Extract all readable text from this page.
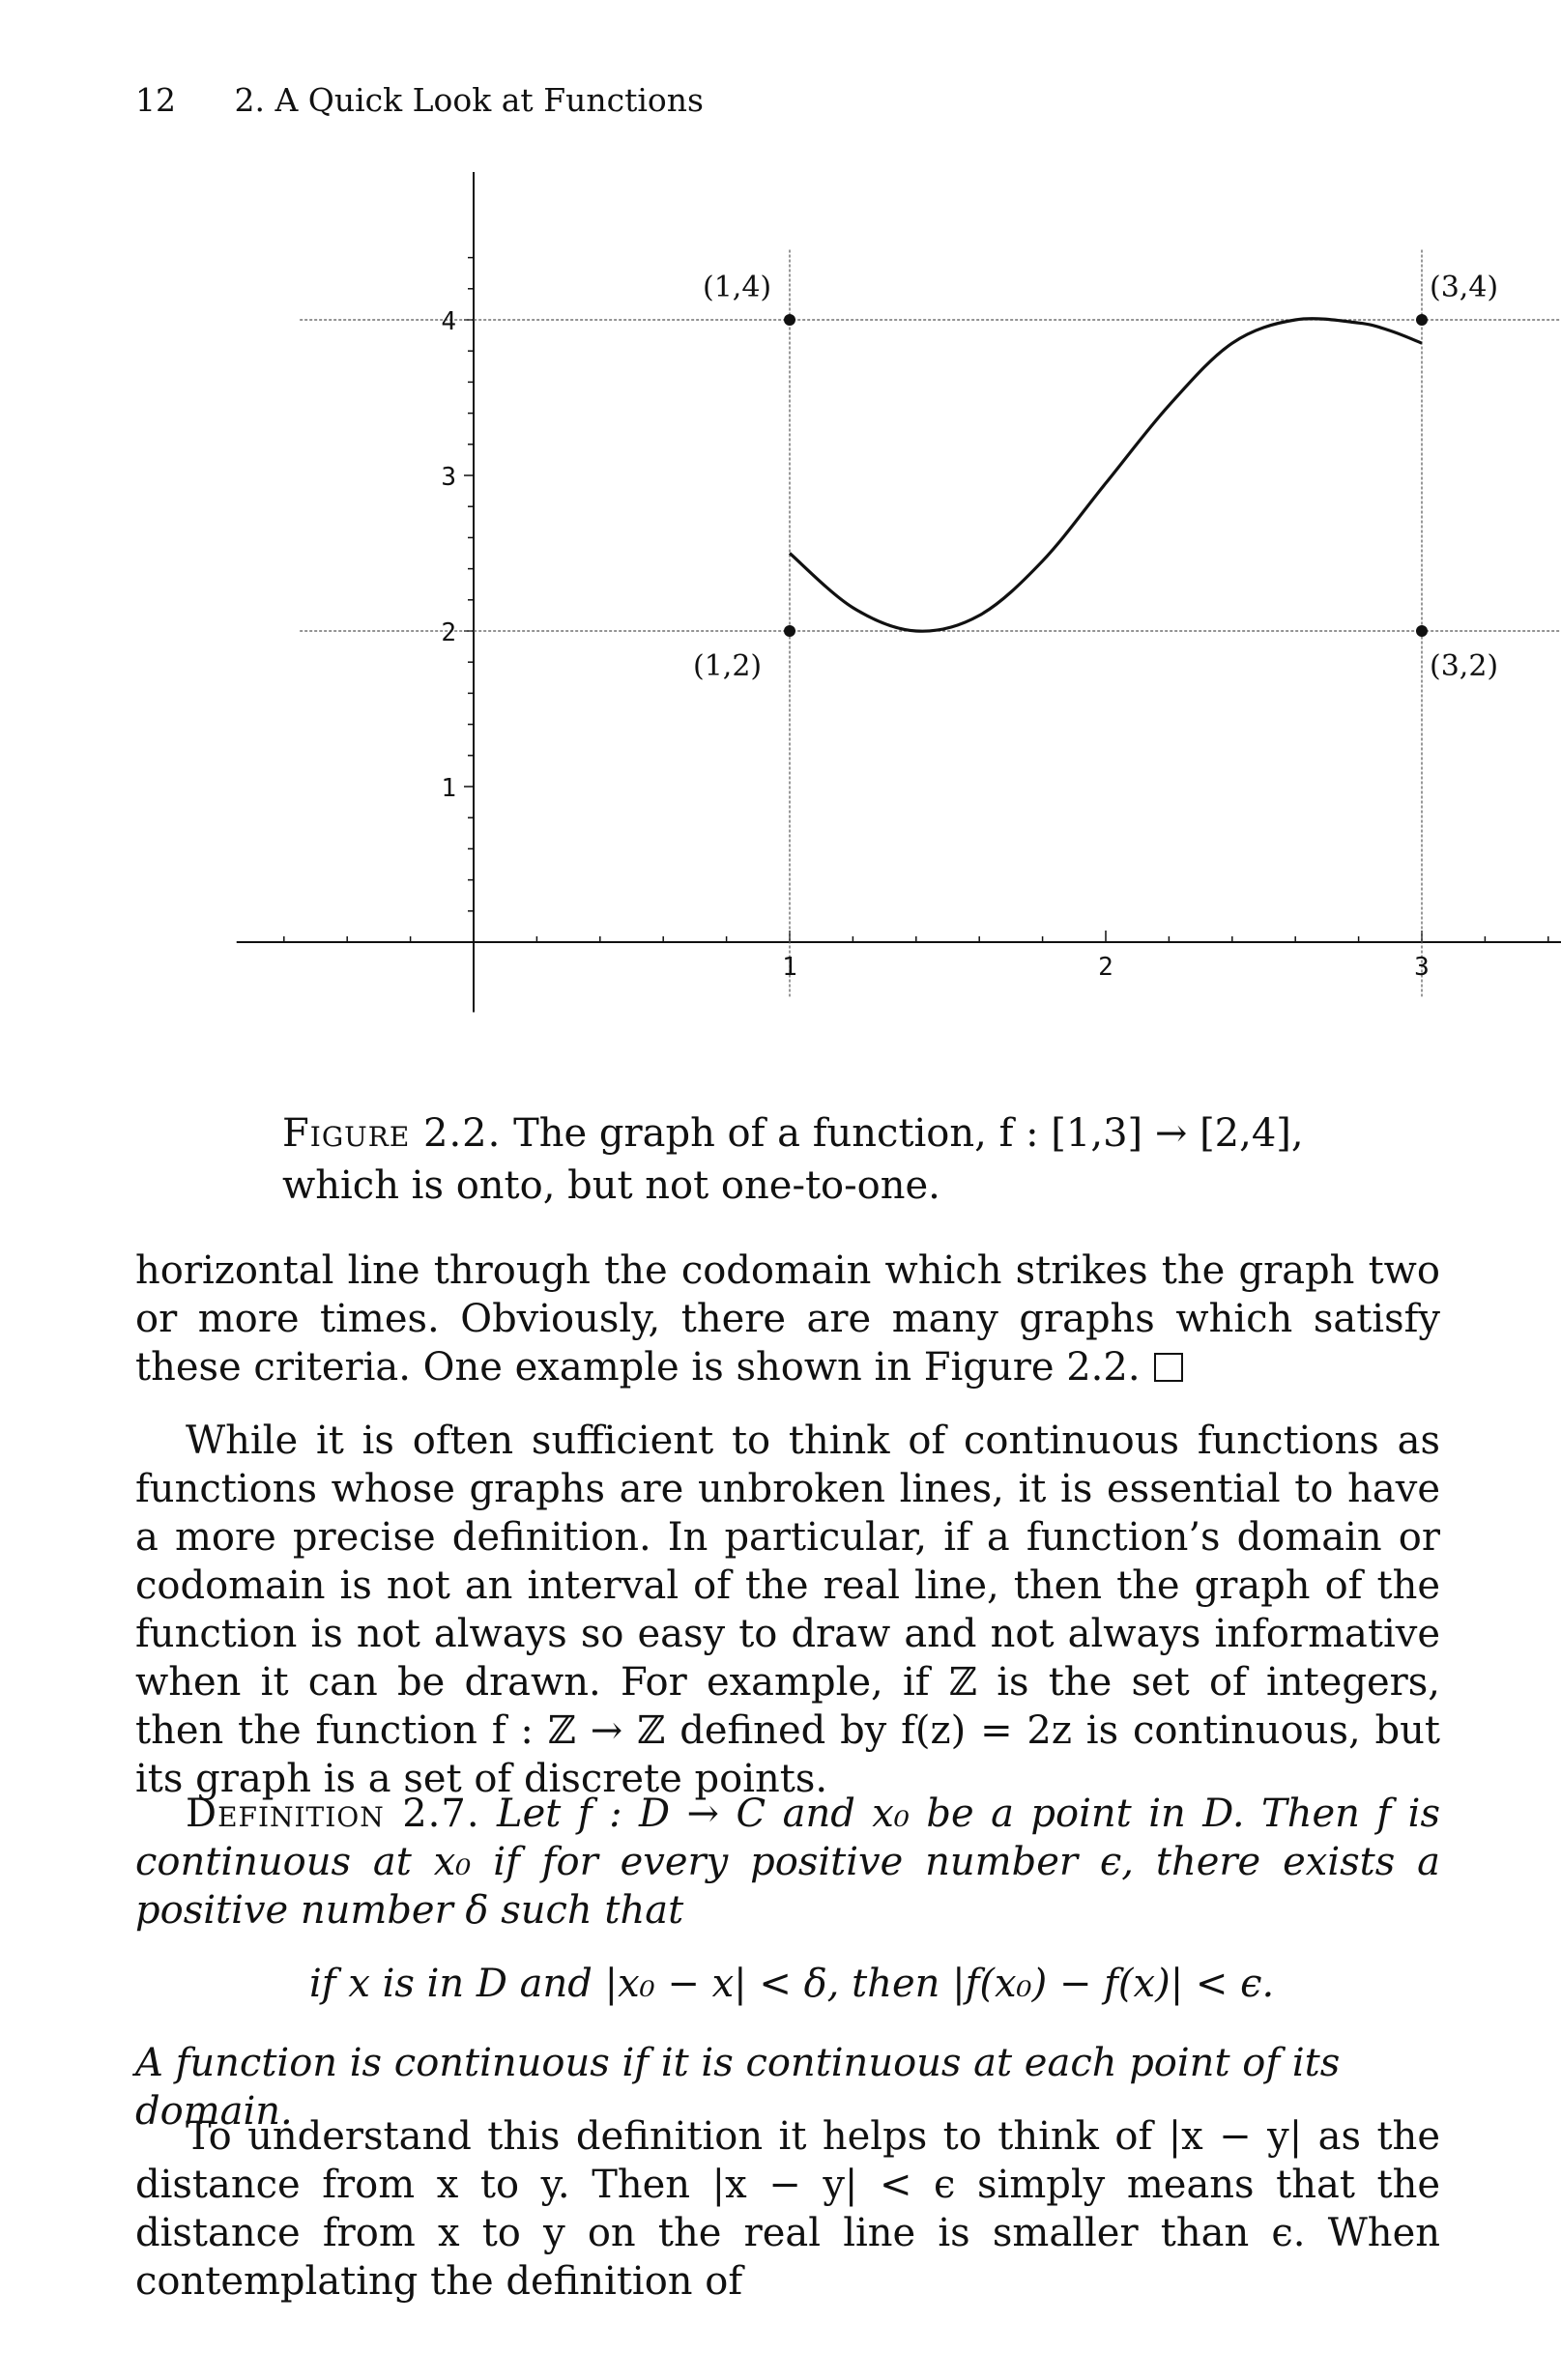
12 2. A Quick Look at Functions
4
3
2
1
1	2	3
(1,4)	(3,4)
(1,2)	(3,2)
Figure 2.2. The graph of a function, f : [1,3] → [2,4], which is onto, but not one-to-one.
horizontal line through the codomain which strikes the graph two or more times. Obviously, there are many graphs which satisfy these criteria. One example is shown in Figure 2.2.
While it is often sufficient to think of continuous functions as functions whose graphs are unbroken lines, it is essential to have a more precise definition. In particular, if a function’s domain or codomain is not an interval of the real line, then the graph of the function is not always so easy to draw and not always informative when it can be drawn. For example, if ℤ is the set of integers, then the function f : ℤ → ℤ defined by f(z) = 2z is continuous, but its graph is a set of discrete points.
Definition 2.7. Let f : D → C and x₀ be a point in D. Then f is continuous at x₀ if for every positive number ϵ, there exists a positive number δ such that
if x is in D and |x₀ − x| < δ, then |f(x₀) − f(x)| < ϵ.
A function is continuous if it is continuous at each point of its domain.
To understand this definition it helps to think of |x − y| as the distance from x to y. Then |x − y| < ϵ simply means that the distance from x to y on the real line is smaller than ϵ. When contemplating the definition of
